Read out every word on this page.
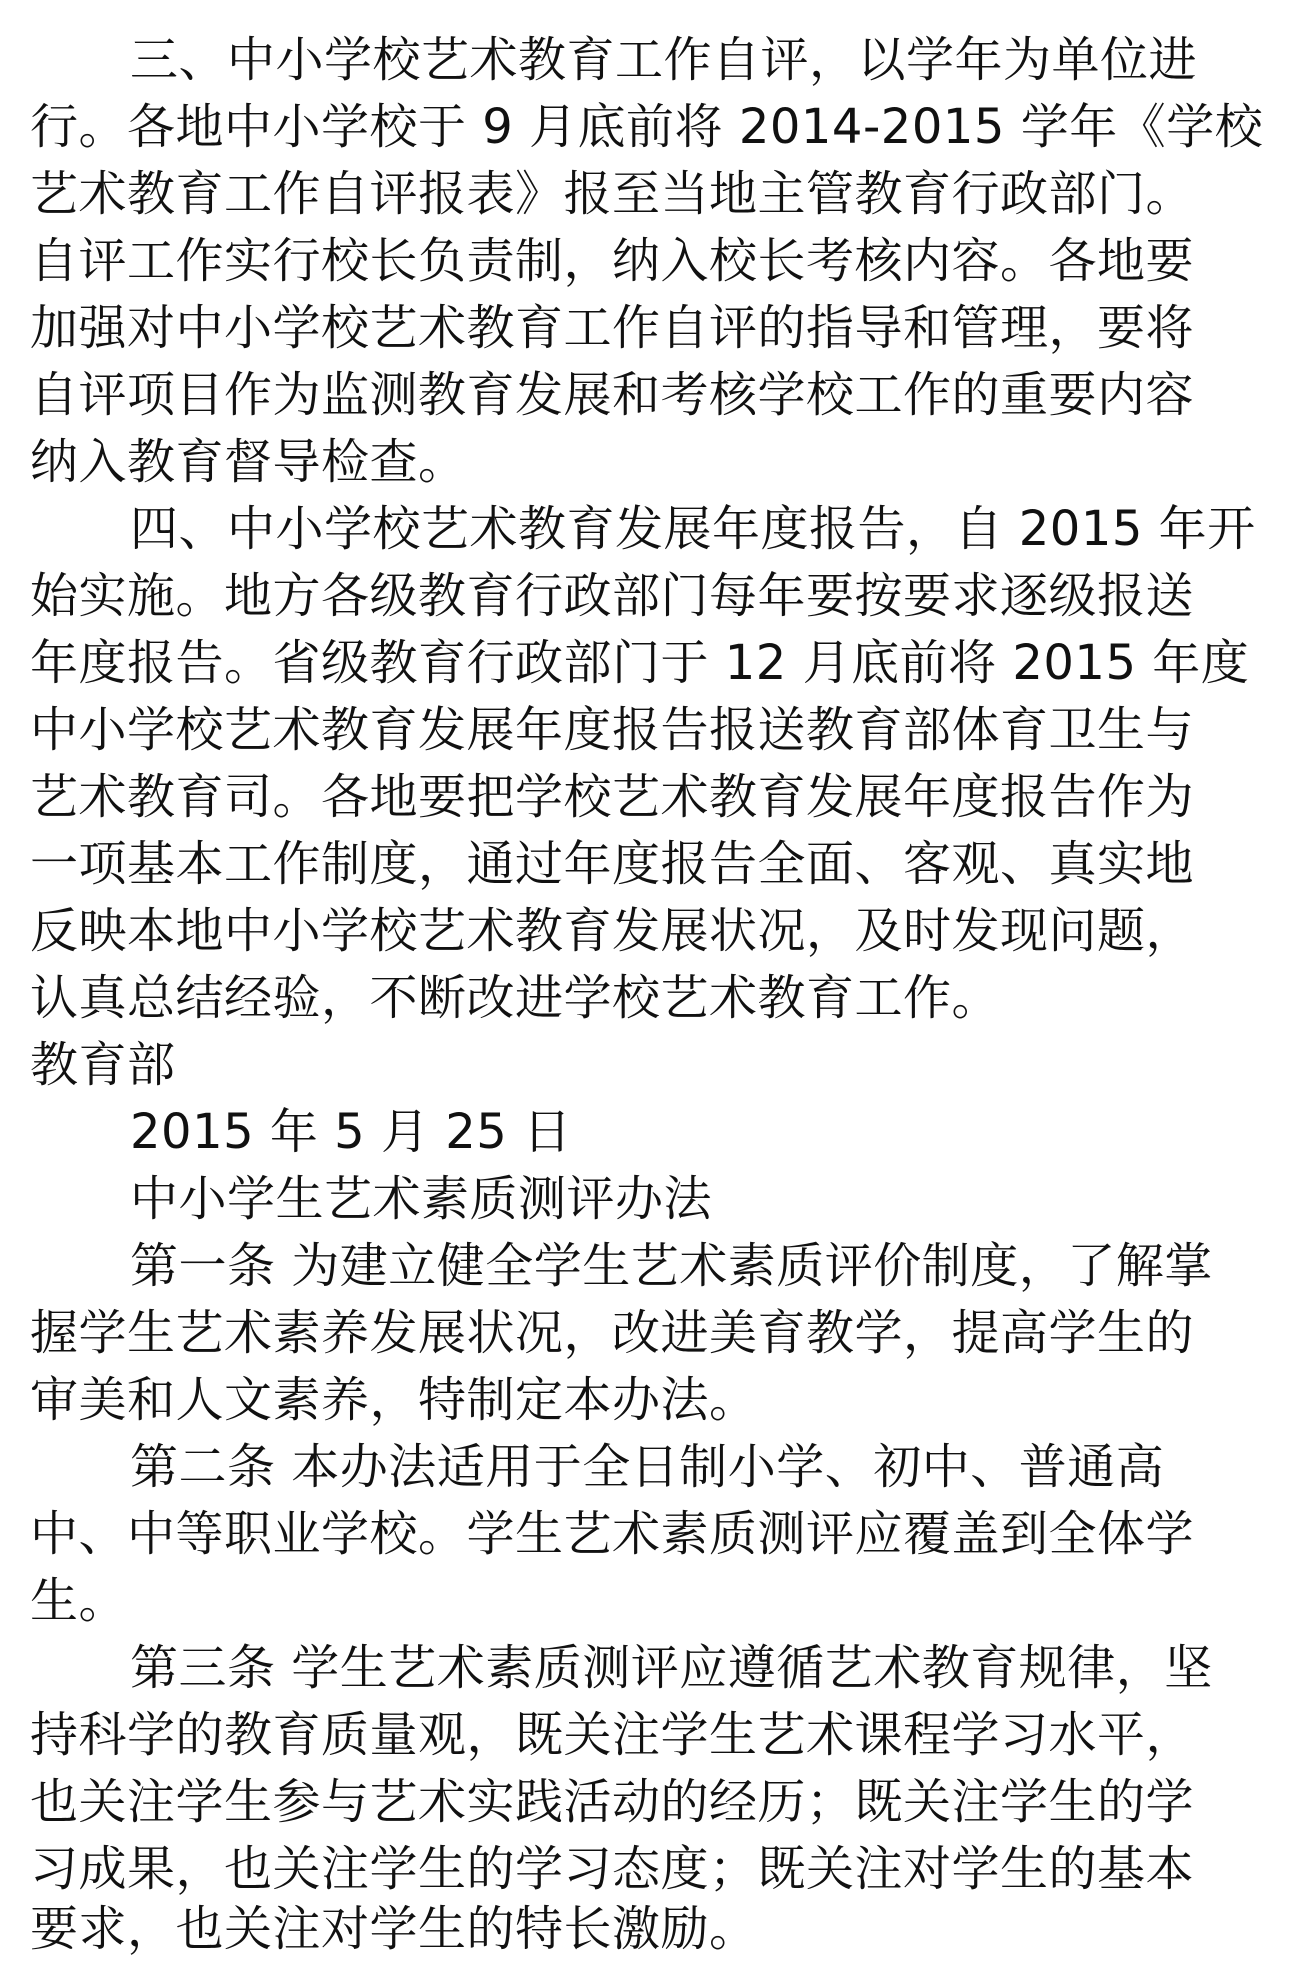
三、中小学校艺术教育工作自评，以学年为单位进
行。各地中小学校于 9 月底前将 2014-2015 学年《学校
艺术教育工作自评报表》报至当地主管教育行政部门。
自评工作实行校长负责制，纳入校长考核内容。各地要
加强对中小学校艺术教育工作自评的指导和管理，要将
自评项目作为监测教育发展和考核学校工作的重要内容
纳入教育督导检查。
四、中小学校艺术教育发展年度报告，自 2015 年开
始实施。地方各级教育行政部门每年要按要求逐级报送
年度报告。省级教育行政部门于 12 月底前将 2015 年度
中小学校艺术教育发展年度报告报送教育部体育卫生与
艺术教育司。各地要把学校艺术教育发展年度报告作为
一项基本工作制度，通过年度报告全面、客观、真实地
反映本地中小学校艺术教育发展状况，及时发现问题，
认真总结经验，不断改进学校艺术教育工作。
教育部
2015 年 5 月 25 日
中小学生艺术素质测评办法
第一条 为建立健全学生艺术素质评价制度，了解掌
握学生艺术素养发展状况，改进美育教学，提高学生的
审美和人文素养，特制定本办法。
第二条 本办法适用于全日制小学、初中、普通高
中、中等职业学校。学生艺术素质测评应覆盖到全体学
生。
第三条 学生艺术素质测评应遵循艺术教育规律，坚
持科学的教育质量观，既关注学生艺术课程学习水平，
也关注学生参与艺术实践活动的经历；既关注学生的学
习成果，也关注学生的学习态度；既关注对学生的基本
要求，也关注对学生的特长激励。
